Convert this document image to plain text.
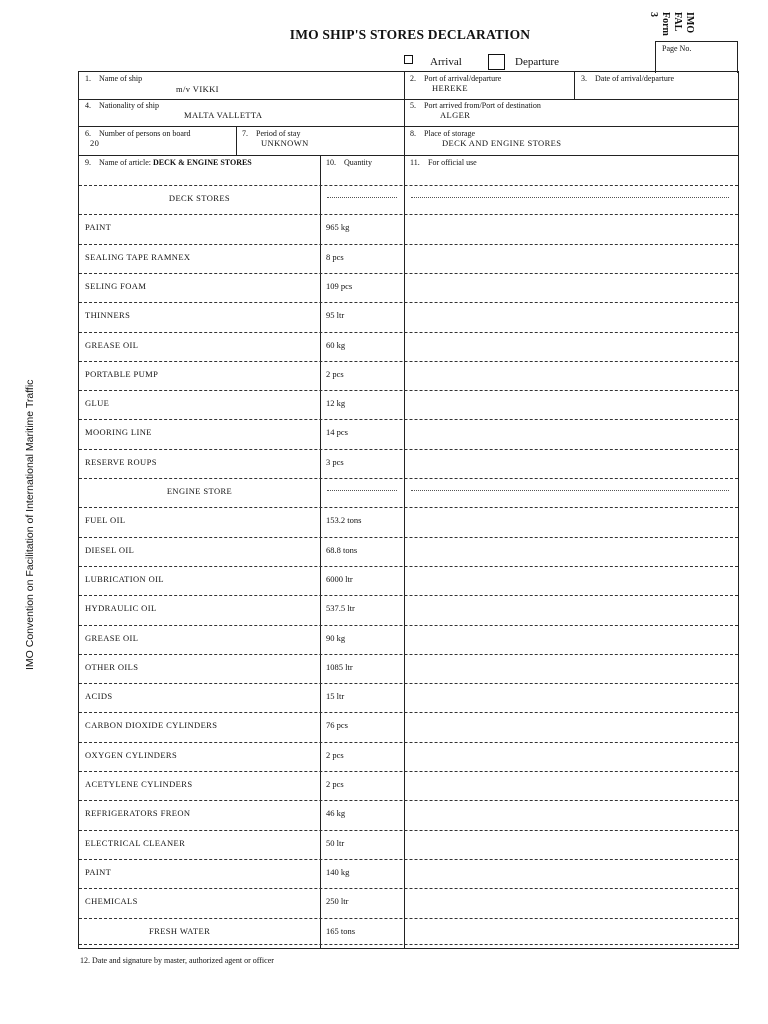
IMO SHIP'S STORES DECLARATION
IMO
FAL
Form
3
Page No.
Arrival	Departure
IMO Convention on Facilitation of International Maritime Traffic
1. Name of ship
m/v VIKKI
2. Port of arrival/departure
HEREKE
3. Date of arrival/departure
4. Nationality of ship
MALTA VALLETTA
5. Port arrived from/Port of destination
ALGER
6. Number of persons on board
20
7. Period of stay
UNKNOWN
8. Place of storage
DECK AND ENGINE STORES
9. Name of article: DECK & ENGINE STORES	10. Quantity	11. For official use
DECK STORES
PAINT	965 kg
SEALING TAPE RAMNEX	8 pcs
SELING FOAM	109 pcs
THINNERS	95 ltr
GREASE OIL	60 kg
PORTABLE PUMP	2 pcs
GLUE	12 kg
MOORING LINE	14 pcs
RESERVE ROUPS	3 pcs
ENGINE STORE
FUEL OIL	153.2 tons
DIESEL OIL	68.8 tons
LUBRICATION OIL	6000 ltr
HYDRAULIC OIL	537.5 ltr
GREASE OIL	90 kg
OTHER OILS	1085 ltr
ACIDS	15 ltr
CARBON DIOXIDE CYLINDERS	76 pcs
OXYGEN CYLINDERS	2 pcs
ACETYLENE CYLINDERS	2 pcs
REFRIGERATORS FREON	46 kg
ELECTRICAL CLEANER	50 ltr
PAINT	140 kg
CHEMICALS	250 ltr
FRESH WATER	165 tons
12. Date and signature by master, authorized agent or officer
